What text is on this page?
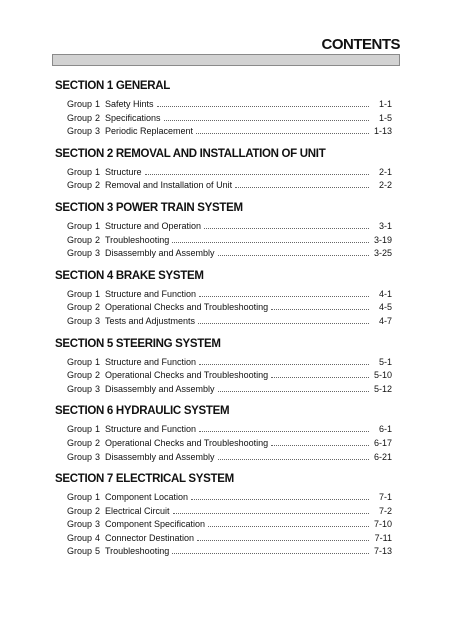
CONTENTS
SECTION 1 GENERAL
Group 1 Safety Hints	1-1
Group 2 Specifications	1-5
Group 3 Periodic Replacement	1-13
SECTION 2 REMOVAL AND INSTALLATION OF UNIT
Group 1 Structure	2-1
Group 2 Removal and Installation of Unit	2-2
SECTION 3 POWER TRAIN SYSTEM
Group 1 Structure and Operation	3-1
Group 2 Troubleshooting	3-19
Group 3 Disassembly and Assembly	3-25
SECTION 4 BRAKE SYSTEM
Group 1 Structure and Function	4-1
Group 2 Operational Checks and Troubleshooting	4-5
Group 3 Tests and Adjustments	4-7
SECTION 5 STEERING SYSTEM
Group 1 Structure and Function	5-1
Group 2 Operational Checks and Troubleshooting	5-10
Group 3 Disassembly and Assembly	5-12
SECTION 6 HYDRAULIC SYSTEM
Group 1 Structure and Function	6-1
Group 2 Operational Checks and Troubleshooting	6-17
Group 3 Disassembly and Assembly	6-21
SECTION 7 ELECTRICAL SYSTEM
Group 1 Component Location	7-1
Group 2 Electrical Circuit	7-2
Group 3 Component Specification	7-10
Group 4 Connector Destination	7-11
Group 5 Troubleshooting	7-13
